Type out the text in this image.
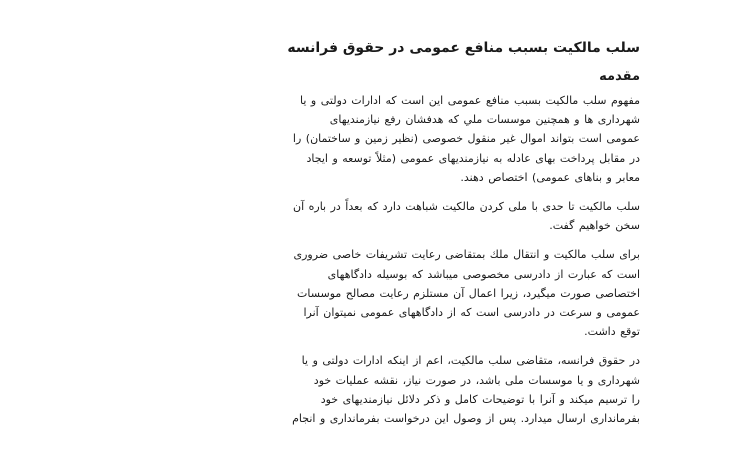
سلب مالکیت بسبب منافع عمومی در حقوق فرانسه
مقدمه

مفهوم سلب مالکیت بسبب منافع عمومی این است که ادارات دولتی و یا
شهرداری ها و همچنین موسسات ملي که هدفشان رفع نیازمندیهای
عمومی است بتواند اموال غیر منقول خصوصی (نظیر زمین و ساختمان) را
در مقابل پرداخت بهای عادله به نیازمندیهای عمومی (مثلاً توسعه و ایجاد
معابر و بناهای عمومی) اختصاص دهند.

سلب مالکیت تا حدی با ملی کردن مالکیت شباهت دارد که بعداً در باره آن
سخن خواهیم گفت.

برای سلب مالکیت و انتقال ملك بمتقاضی رعایت تشریفات خاصی ضروری
است که عبارت از دادرسی مخصوصی میباشد که بوسیله دادگاههای
اختصاصی صورت میگیرد، زیرا اعمال آن مستلزم رعایت مصالح موسسات
عمومی و سرعت در دادرسی است که از دادگاههای عمومی نمیتوان آنرا
توقع داشت.

در حقوق فرانسه، متقاضی سلب مالکیت، اعم از اینکه ادارات دولتی و یا
شهرداری و یا موسسات ملی باشد، در صورت نیاز، نقشه عملیات خود
را ترسیم میکند و آنرا با توضیحات کامل و ذکر دلائل نیازمندیهای خود
بفرمانداری ارسال میدارد. پس از وصول این درخواست بفرمانداری و انجام
